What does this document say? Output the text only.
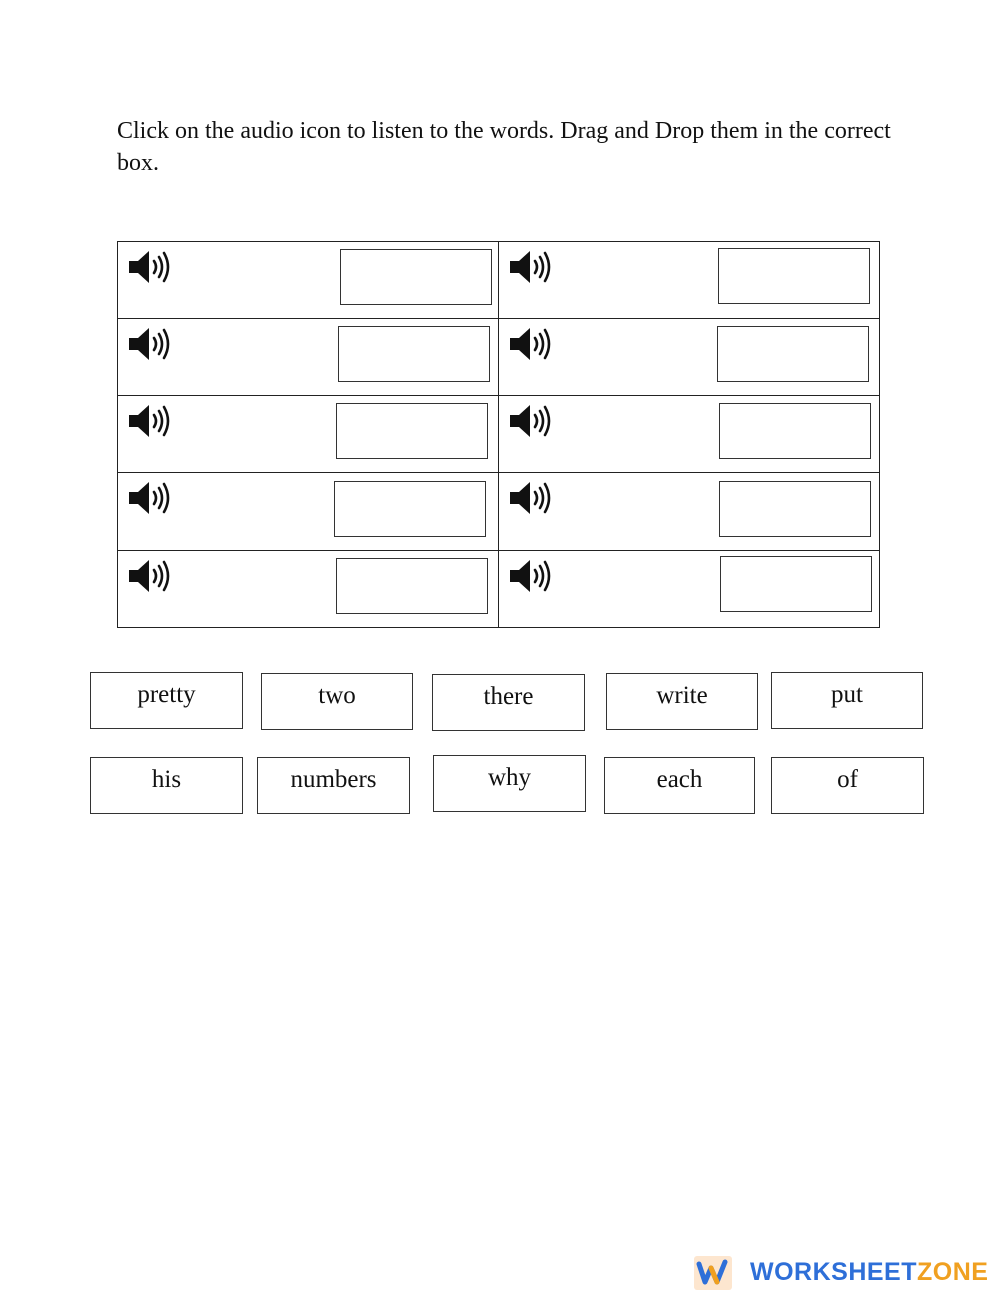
Click on the audio icon to listen to the words. Drag and Drop them in the correct box.

pretty	two	there	write	put
his	numbers	why	each	of
WORKSHEETZONE
